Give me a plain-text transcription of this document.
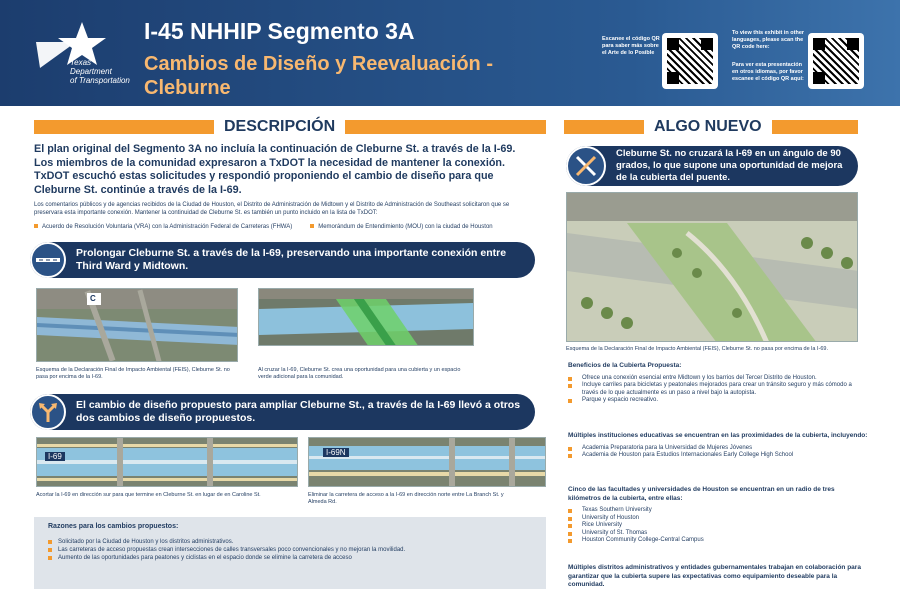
Texas
Department
of Transportation
I-45 NHHIP Segmento 3A
Cambios de Diseño y Reevaluación - Cleburne
Escanee el código QR para saber más sobre el Arte de lo Posible
To view this exhibit in other languages, please scan the QR code here:
Para ver esta presentación en otros idiomas, por favor escanee el código QR aquí:
DESCRIPCIÓN
El plan original del Segmento 3A no incluía la continuación de Cleburne St. a través de la I-69. Los miembros de la comunidad expresaron a TxDOT la necesidad de mantener la conexión. TxDOT escuchó estas solicitudes y respondió proponiendo el cambio de diseño para que Cleburne St. continúe a través de la I-69.
Los comentarios públicos y de agencias recibidos de la Ciudad de Houston, el Distrito de Administración de Midtown y el Distrito de Administración de Southeast solicitaron que se preservara esta importante conexión. Mantener la continuidad de Cleburne St. es también un punto incluido en la lista de TxDOT:
Acuerdo de Resolución Voluntaria (VRA) con la Administración Federal de Carreteras (FHWA)	Memorándum de Entendimiento (MOU) con la ciudad de Houston
Prolongar Cleburne St. a través de la I-69, preservando una importante conexión entre Third Ward y Midtown.
C
Esquema de la Declaración Final de Impacto Ambiental (FEIS), Cleburne St. no pasa por encima de la I-69.
Al cruzar la I-69, Cleburne St. crea una oportunidad para una cubierta y un espacio verde adicional para la comunidad.
El cambio de diseño propuesto para ampliar Cleburne St., a través de la I-69 llevó a otros dos cambios de diseño propuestos.
I-69
Acortar la I-69 en dirección sur para que termine en Cleburne St. en lugar de en Caroline St.
I-69N
Eliminar la carretera de acceso a la I-69 en dirección norte entre La Branch St. y Almeda Rd.
Razones para los cambios propuestos:
Solicitado por la Ciudad de Houston y los distritos administrativos.
Las carreteras de acceso propuestas crean intersecciones de calles transversales poco convencionales y no mejoran la movilidad.
Aumento de las oportunidades para peatones y ciclistas en el espacio donde se elimine la carretera de acceso
ALGO NUEVO
Cleburne St. no cruzará la I-69 en un ángulo de 90 grados, lo que supone una oportunidad de mejora de la cubierta del puente.
Esquema de la Declaración Final de Impacto Ambiental (FEIS), Cleburne St. no pasa por encima de la I-69.
Beneficios de la Cubierta Propuesta:
Ofrece una conexión esencial entre Midtown y los barrios del Tercer Distrito de Houston.
Incluye carriles para bicicletas y peatonales mejorados para crear un tránsito seguro y más cómodo a través de lo que actualmente es un paso a nivel bajo la autopista.
Parque y espacio recreativo.
Múltiples instituciones educativas se encuentran en las proximidades de la cubierta, incluyendo:
Academia Preparatoria para la Universidad de Mujeres Jóvenes
Academia de Houston para Estudios Internacionales Early College High School
Cinco de las facultades y universidades de Houston se encuentran en un radio de tres kilómetros de la cubierta, entre ellas:
Texas Southern University
University of Houston
Rice University
University of St. Thomas
Houston Community College-Central Campus
Múltiples distritos administrativos y entidades gubernamentales trabajan en colaboración para garantizar que la cubierta supere las expectativas como equipamiento deseable para la comunidad.
